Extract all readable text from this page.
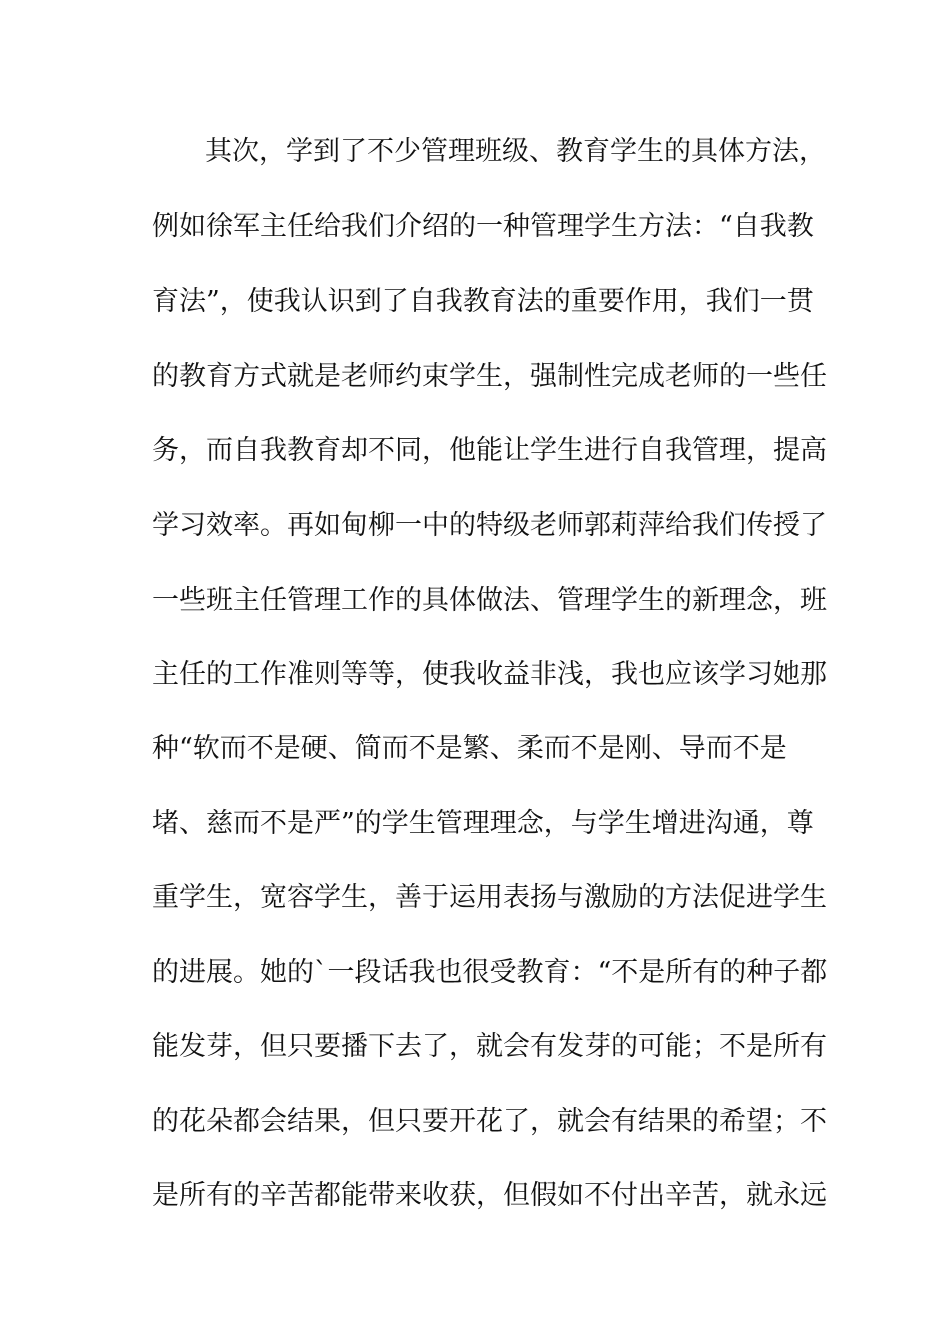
其次，学到了不少管理班级、教育学生的具体方法，
例如徐军主任给我们介绍的一种管理学生方法：“自我教
育法”，使我认识到了自我教育法的重要作用，我们一贯
的教育方式就是老师约束学生，强制性完成老师的一些任
务，而自我教育却不同，他能让学生进行自我管理，提高
学习效率。再如甸柳一中的特级老师郭莉萍给我们传授了
一些班主任管理工作的具体做法、管理学生的新理念，班
主任的工作准则等等，使我收益非浅，我也应该学习她那
种“软而不是硬、简而不是繁、柔而不是刚、导而不是
堵、慈而不是严”的学生管理理念，与学生增进沟通，尊
重学生，宽容学生，善于运用表扬与激励的方法促进学生
的进展。她的`一段话我也很受教育：“不是所有的种子都
能发芽，但只要播下去了，就会有发芽的可能；不是所有
的花朵都会结果，但只要开花了，就会有结果的希望；不
是所有的辛苦都能带来收获，但假如不付出辛苦，就永远
